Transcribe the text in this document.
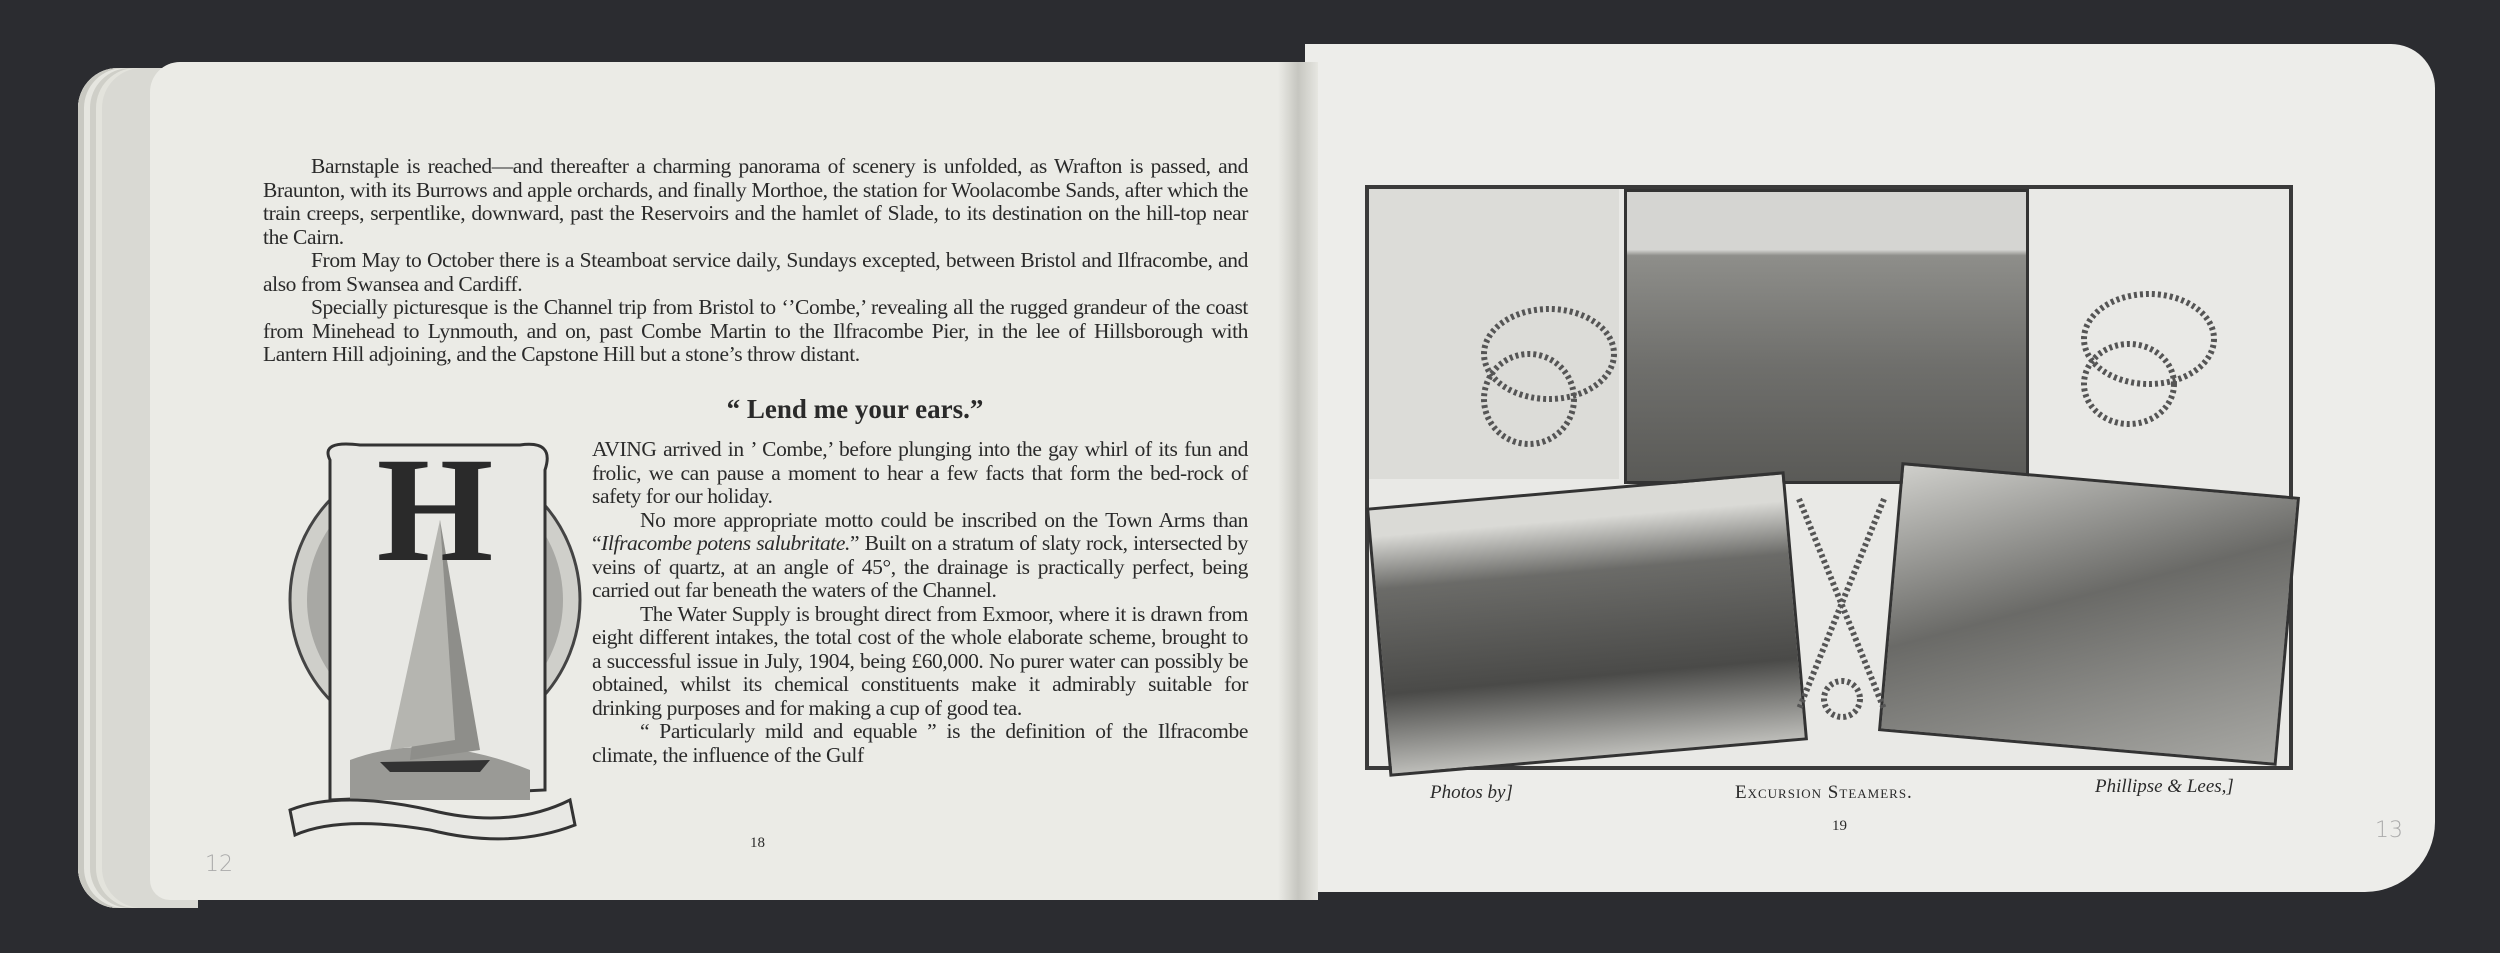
Barnstaple is reached—and thereafter a charming panorama of scenery is unfolded, as Wrafton is passed, and Braunton, with its Burrows and apple orchards, and finally Morthoe, the station for Woolacombe Sands, after which the train creeps, serpentlike, downward, past the Reservoirs and the hamlet of Slade, to its destination on the hill-top near the Cairn.

From May to October there is a Steamboat service daily, Sundays excepted, between Bristol and Ilfracombe, and also from Swansea and Cardiff.

Specially picturesque is the Channel trip from Bristol to ‘’Combe,’ revealing all the rugged grandeur of the coast from Minehead to Lynmouth, and on, past Combe Martin to the Ilfracombe Pier, in the lee of Hillsborough with Lantern Hill adjoining, and the Capstone Hill but a stone’s throw distant.

“ Lend me your ears.”
H	AVING arrived in ’ Combe,’ before plunging into the gay whirl of its fun and frolic, we can pause a moment to hear a few facts that form the bed-rock of safety for our holiday.

No more appropriate motto could be inscribed on the Town Arms than “Ilfracombe potens salubritate.” Built on a stratum of slaty rock, intersected by veins of quartz, at an angle of 45°, the drainage is practically perfect, being carried out far beneath the waters of the Channel.

The Water Supply is brought direct from Exmoor, where it is drawn from eight different intakes, the total cost of the whole elaborate scheme, brought to a successful issue in July, 1904, being £60,000. No purer water can possibly be obtained, whilst its chemical constituents make it admirably suitable for drinking purposes and for making a cup of good tea.

“ Particularly mild and equable ” is the definition of the Ilfracombe climate, the influence of the Gulf

18
12
Photos by]	Excursion Steamers.	Phillipse & Lees,]
19	13
